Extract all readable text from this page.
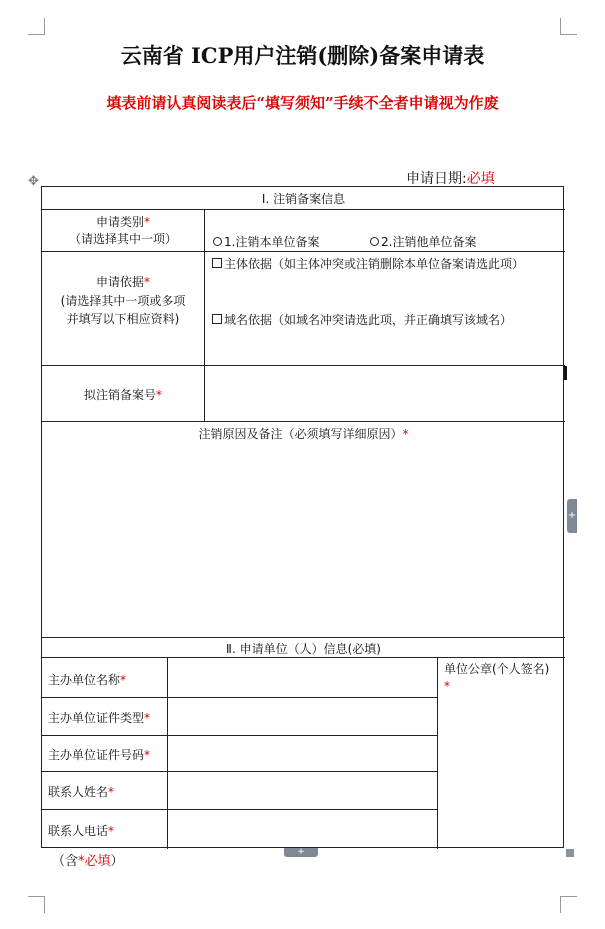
云南省 ICP用户注销(删除)备案申请表
填表前请认真阅读表后“填写须知”手续不全者申请视为作废
申请日期:必填
✥
+
Ⅰ. 注销备案信息
申请类别*
（请选择其中一项）	1.注销本单位备案	2.注销他单位备案
申请依据*
(请选择其中一项或多项
并填写以下相应资料)
主体依据（如主体冲突或注销删除本单位备案请选此项）
域名依据（如域名冲突请选此项，并正确填写该域名）
拟注销备案号*
注销原因及备注（必须填写详细原因）*
Ⅱ. 申请单位（人）信息(必填)
主办单位名称*
主办单位证件类型*
主办单位证件号码*
联系人姓名*
联系人电话*
单位公章(个人签名)
*
+
（含*必填）
